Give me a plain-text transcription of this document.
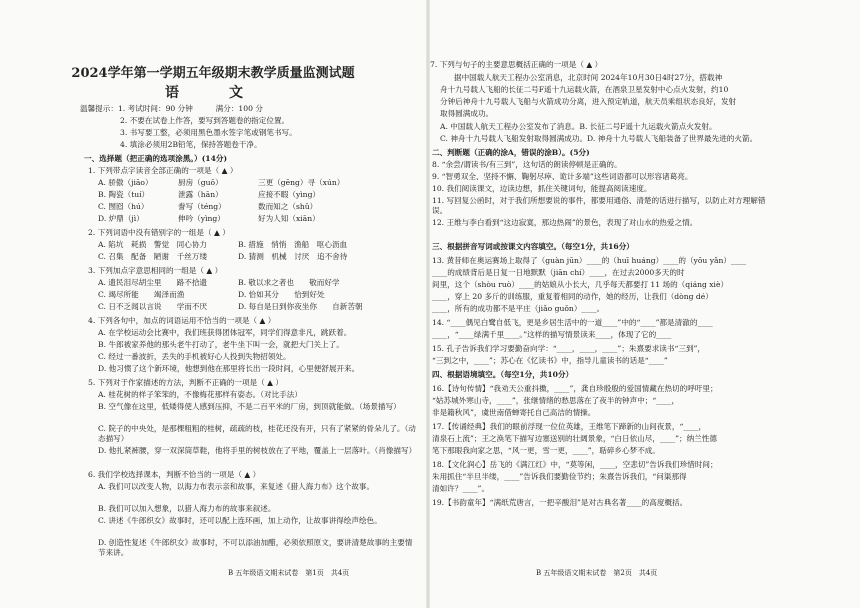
2024学年第一学期五年级期末教学质量监测试题
语　文
温馨提示：1. 考试时间：90 分钟　　　满分：100 分
2. 不要在试卷上作答，要写到答题卷的指定位置。
3. 书写要工整，必须用黑色墨水签字笔或钢笔书写。
4. 填涂必须用2B铅笔，保持答题卷干净。
一、选择题（把正确的选项涂黑。）(14分)
1. 下列带点字读音全部正确的一项是（ ▲ ）
A. 骄傲（jiāo）	厨房（guō）	三更（gēng）寻（xún）
B. 陶瓷（tuí）	泄露（hān）	应接不暇（yìng）
C. 囫囵（hú）	誊写（téng）	数而知之（shǔ）
D. 炉鼎（jì）	伸吟（yìng）	好为人知（xiān）
2. 下列词语中没有错别字的一组是（ ▲ ）
A. 陷坑　耗损　警觉　同心协力	B. 措施　悄悄　渔船　呕心沥血
C. 召集　配备　陋谢　千丝万缕	D. 猜测　机械　讨厌　追不舍待
3. 下列加点字意思相同的一组是（ ▲ ）
A. 遗民泪尽胡尘里　　路不拾遗	B. 敬以求之者也　　敬而好学
C. 竭尽所能　　竭泽而渔	D. 恰如其分　　恰到好处
C. 日不乏闻以言说　　学而不厌	D. 每自是日到你夜坐你　　自新苦朝
4. 下列各句中，加点的词语运用不恰当的一项是（ ▲ ）
A. 在学校运动会比赛中，我们班获得团体冠军，同学们得意非凡，跳跃着。
B. 牛郎被家养他的那头老牛打动了，老牛坐下叫一会，就把大门关上了。
C. 经过一番波折，丢失的手机被好心人投到失物招领处。
D. 他习惯了这个新环境，他想到他在那里将长出一段时间，心里便舒展开来。
5. 下列对于作家描述的方法，判断不正确的一项是（ ▲ ）
A. 桂花树的样子笨笨的，不像梅花那样有姿态。（对比手法）
B. 空气像在这里，低矮得使人感到压抑，不是二百平米的厂房，到顶就能做。（场景描写）
C. 院子的中央处，是那棵粗粗的桂树，疏疏的枝，桂花还没有开，只有了紧紧的骨朵儿了。（动态描写）
D. 他扎紧裤腰，穿一双深筒草鞋，他将手里的树枝放在了平地，覆盖上一层落叶。（肖像描写）
6. 我们学校选择课本，判断不恰当的一项是（ ▲ ）
A. 我们可以改变人物，以海力布表示亲和故事，来复述《猎人海力布》这个故事。
B. 我们可以加入想象，以猎人海力布的故事来叙述。
C. 讲述《牛郎织女》故事时，还可以配上连环画，加上动作，让故事讲得绘声绘色。
D. 创造性复述《牛郎织女》故事时，不可以添油加醋，必须依照原文，要讲清楚故事的主要情节来讲。
B 五年级语文期末试卷　第1页　共4页
7. 下列与句子的主要意思概括正确的一项是（ ▲ ）
据中国载人航天工程办公室消息，北京时间 2024年10月30日4时27分，搭载神
舟十九号载人飞船的长征二号F遥十九运载火箭，在酒泉卫星发射中心点火发射，约10
分钟后神舟十九号载人飞船与火箭成功分离，进入预定轨道，航天员乘组状态良好，发射
取得圆满成功。
A. 中国载人航天工程办公室发布了消息。B. 长征二号F遥十九运载火箭点火发射。
C. 神舟十九号载人飞船发射取得圆满成功。D. 神舟十九号载人飞船装备了世界最先进的火箭。
二、判断题（正确的涂A，错误的涂B）。(5分)
8. “余尝/谓读书/有三到”，这句话的朗读停顿是正确的。
9. “智勇双全、坚持不懈、鞠躬尽瘁、诡计多端”这些词语都可以形容诸葛亮。
10. 我们阅读课文，边读边想，抓住关键词句，能提高阅读速度。
11. 写回复公函时，对于我们所想要说的事件，都要用通俗、清楚的话进行描写，以防止对方理解错误。
12. 王维与李白看到“这边寂寞，那边热闹”的景色，表现了对山水的热爱之情。
三、根据拼音写词或按课文内容填空。（每空1分，共16分）
13. 黄昔师在奥运赛场上取得了（guàn jūn）____的（huī huáng）____的（yōu yǎn）____
____的成绩背后是日复一日地默默（jiān chí）____，在过去2000多天的时
间里，这个（shòu ruò）____的姑娘从小长大，几乎每天都要打 11 场的（qiáng xiè）
____，穿上 20 多斤的训练服，重复着相同的动作，她的经历，让我们（dòng dé）
____，所有的成功都不是平庄（jiǎo guǒn）____。
14. “____偶见白鹭自低飞，更是乡居生活中的一道____”中的“____”都是清澈的____
____，“____绿满千里____。”这样的描写情景读来____，体现了它的____
15. 孔子告诉我们学习要勤奋向学：“____，____，____”；朱熹要求读书“三到”，
“三到之中，____”；苏心在《忆读书》中，指导儿童读书的话是“____”
四、根据语境填空。（每空1分，共10分）
16.【诗句传情】“我劝天公重抖擞，____”，龚自珍殷殷的爱国情藏在热切的呼吁里；
“姑苏城外寒山寺，____”，张继情绪的愁思落在了夜半的钟声中；“____，
非是籍秋风”，虞世南借蝉寄托自己高洁的情操。
17.【传诵经典】我们的眼前浮现一位位英雄，王维笔下蹄新的山间夜景，“____，
清泉石上流”；王之涣笔下描写边塞送别的壮阔景象，“白日依山尽，____”；纳兰性德
笔下那眼我向家之思，“风一更，雪一更，____”，聒碎乡心梦不成。
18.【文化润心】岳飞的《满江红》中，“莫等闲，____，空悲切”告诉我们珍惜时间；
朱用抓住“半旦半缕，____”告诉我们要勤俭节约；朱熹告诉我们，“问渠那得
清如许？____”。
19.【书韵童年】“满纸荒唐言，一把辛酸泪”是对古典名著____的高度概括。
B 五年级语文期末试卷　第2页　共4页
